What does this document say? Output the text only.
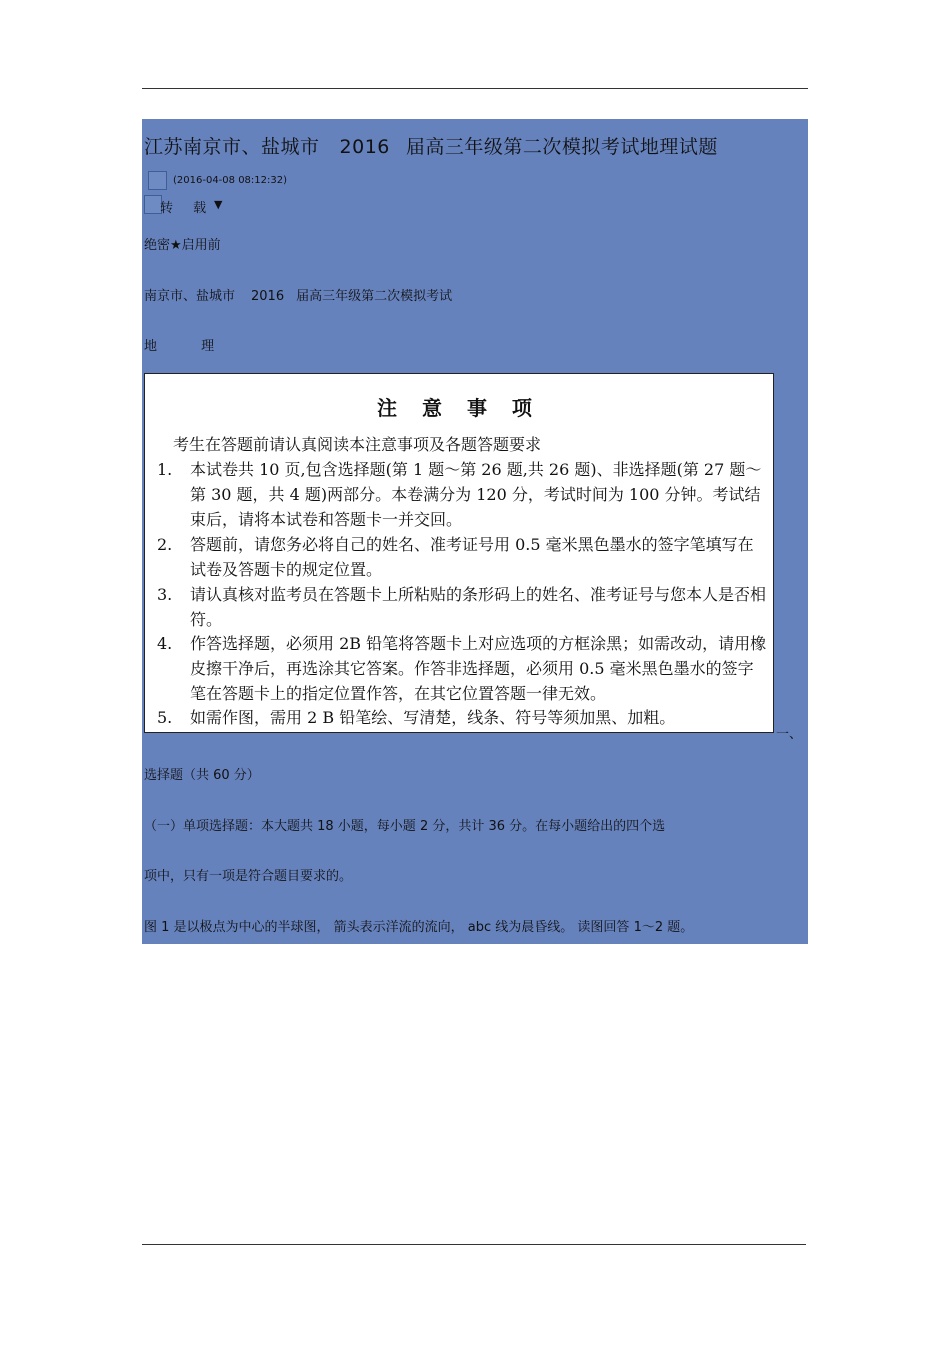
江苏南京市、盐城市 2016 届高三年级第二次模拟考试地理试题
(2016-04-08 08:12:32)
转 载 ▼
绝密★启用前
南京市、盐城市 2016 届高三年级第二次模拟考试
地 理
注 意 事 项
考生在答题前请认真阅读本注意事项及各题答题要求
1.	本试卷共 10 页,包含选择题(第 1 题～第 26 题,共 26 题)、非选择题(第 27 题～第 30 题，共 4 题)两部分。本卷满分为 120 分，考试时间为 100 分钟。考试结束后，请将本试卷和答题卡一并交回。
2.	答题前，请您务必将自己的姓名、准考证号用 0.5 毫米黑色墨水的签字笔填写在试卷及答题卡的规定位置。
3.	请认真核对监考员在答题卡上所粘贴的条形码上的姓名、准考证号与您本人是否相符。
4.	作答选择题，必须用 2B 铅笔将答题卡上对应选项的方框涂黑；如需改动，请用橡皮擦干净后，再选涂其它答案。作答非选择题，必须用 0.5 毫米黑色墨水的签字笔在答题卡上的指定位置作答，在其它位置答题一律无效。
5.	如需作图，需用 2 B 铅笔绘、写清楚，线条、符号等须加黑、加粗。
一、
选择题（共 60 分）
（一）单项选择题：本大题共 18 小题，每小题 2 分，共计 36 分。在每小题给出的四个选
项中，只有一项是符合题目要求的。
图 1 是以极点为中心的半球图， 箭头表示洋流的流向， abc 线为晨昏线。 读图回答 1～2 题。
